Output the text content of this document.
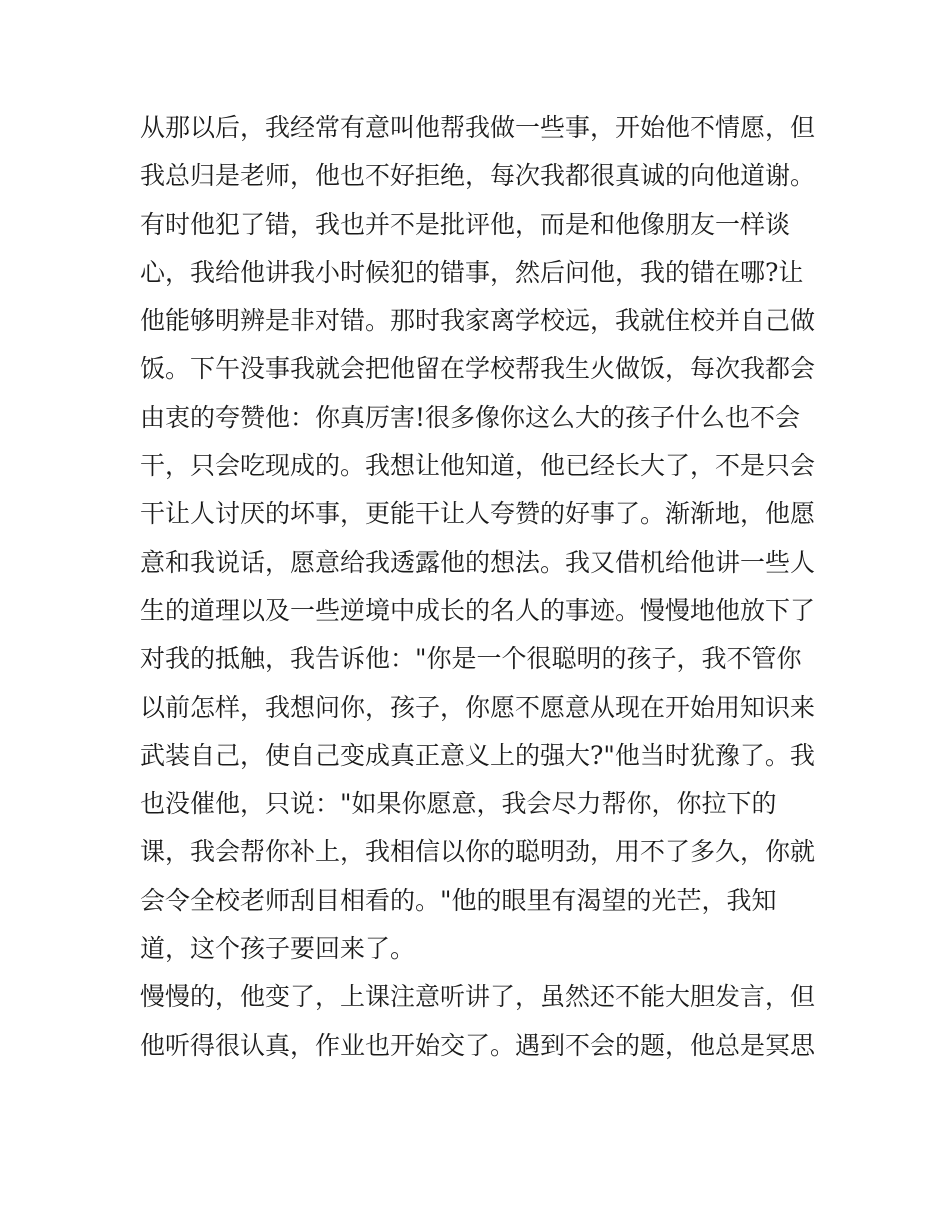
从那以后，我经常有意叫他帮我做一些事，开始他不情愿，但
我总归是老师，他也不好拒绝，每次我都很真诚的向他道谢。
有时他犯了错，我也并不是批评他，而是和他像朋友一样谈
心，我给他讲我小时候犯的错事，然后问他，我的错在哪?让
他能够明辨是非对错。那时我家离学校远，我就住校并自己做
饭。下午没事我就会把他留在学校帮我生火做饭，每次我都会
由衷的夸赞他：你真厉害!很多像你这么大的孩子什么也不会
干，只会吃现成的。我想让他知道，他已经长大了，不是只会
干让人讨厌的坏事，更能干让人夸赞的好事了。渐渐地，他愿
意和我说话，愿意给我透露他的想法。我又借机给他讲一些人
生的道理以及一些逆境中成长的名人的事迹。慢慢地他放下了
对我的抵触，我告诉他："你是一个很聪明的孩子，我不管你
以前怎样，我想问你，孩子，你愿不愿意从现在开始用知识来
武装自己，使自己变成真正意义上的强大?"他当时犹豫了。我
也没催他，只说："如果你愿意，我会尽力帮你，你拉下的
课，我会帮你补上，我相信以你的聪明劲，用不了多久，你就
会令全校老师刮目相看的。"他的眼里有渴望的光芒，我知
道，这个孩子要回来了。
慢慢的，他变了，上课注意听讲了，虽然还不能大胆发言，但
他听得很认真，作业也开始交了。遇到不会的题，他总是冥思
